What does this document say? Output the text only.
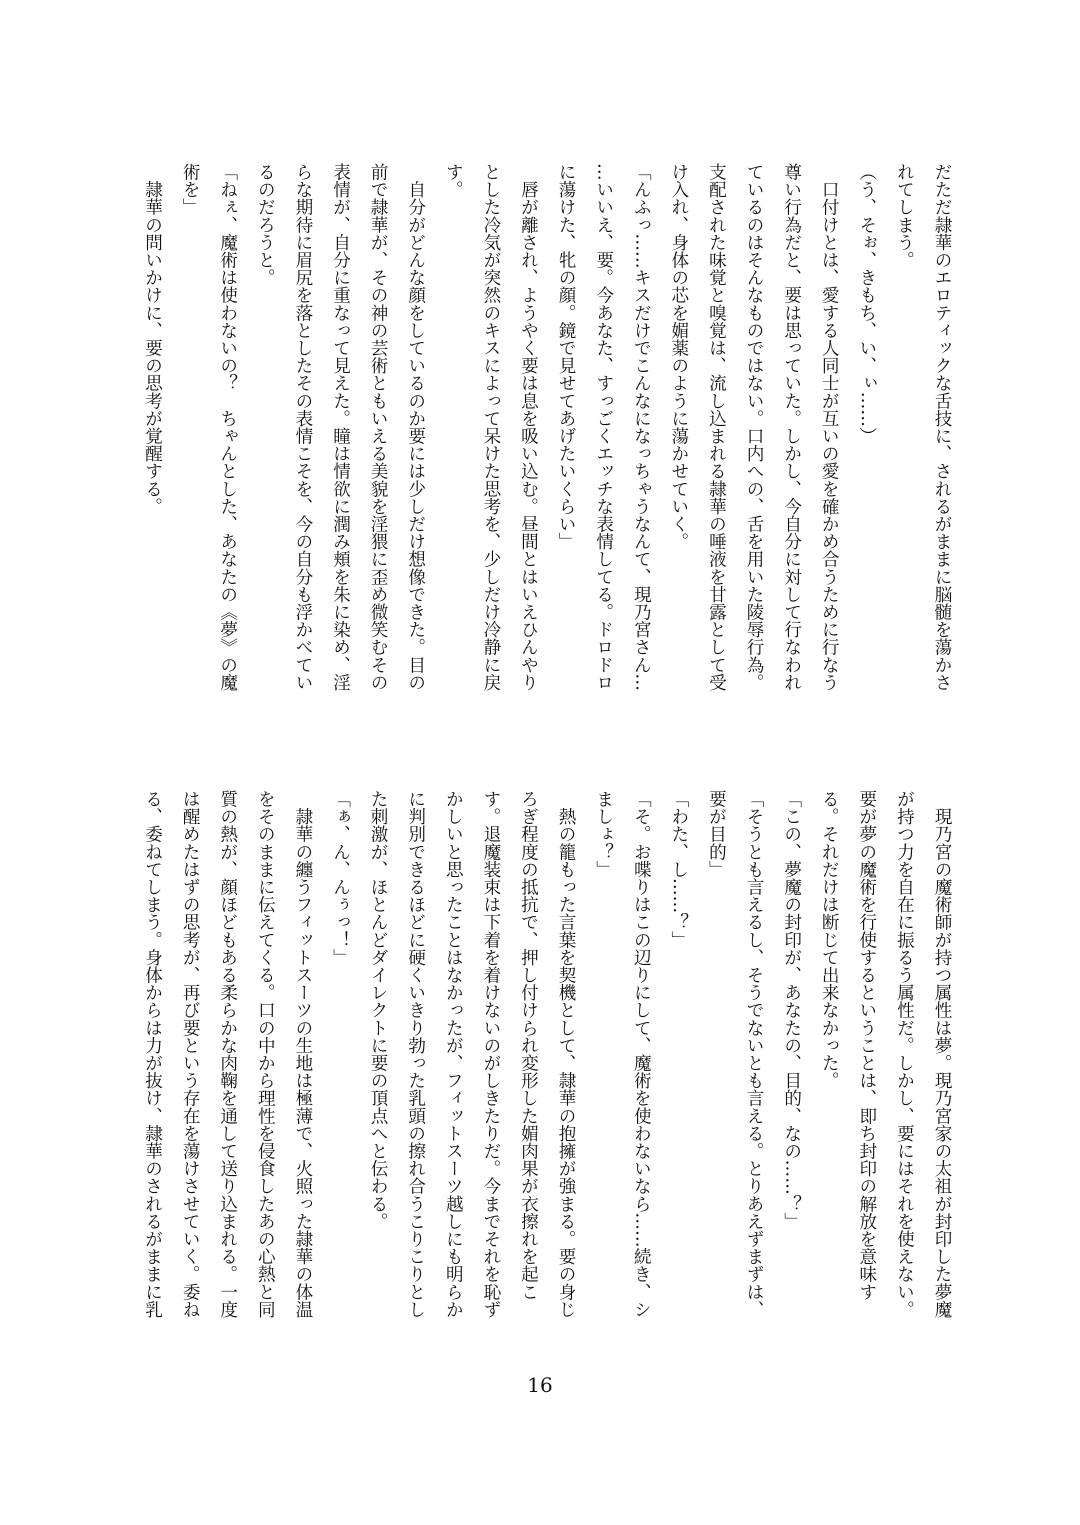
だただ隷華のエロティックな舌技に、されるがままに脳髄を蕩かさ
れてしまう。
（う、そぉ、きもち、い、ぃ……）
　口付けとは、愛する人同士が互いの愛を確かめ合うために行なう
尊い行為だと、要は思っていた。しかし、今自分に対して行なわれ
ているのはそんなものではない。口内への、舌を用いた陵辱行為。
支配された味覚と嗅覚は、流し込まれる隷華の唾液を甘露として受
け入れ、身体の芯を媚薬のように蕩かせていく。
「んふっ……キスだけでこんなになっちゃうなんて、現乃宮さん…
…いいえ、要。今あなた、すっごくエッチな表情してる。ドロドロ
に蕩けた、牝の顔。鏡で見せてあげたいくらい」
　唇が離され、ようやく要は息を吸い込む。昼間とはいえひんやり
とした冷気が突然のキスによって呆けた思考を、少しだけ冷静に戻
す。
　自分がどんな顔をしているのか要には少しだけ想像できた。目の
前で隷華が、その神の芸術ともいえる美貌を淫猥に歪め微笑むその
表情が、自分に重なって見えた。瞳は情欲に潤み頬を朱に染め、淫
らな期待に眉尻を落としたその表情こそを、今の自分も浮かべてい
るのだろうと。
「ねぇ、魔術は使わないの？　ちゃんとした、あなたの《夢》の魔
術を」
　隷華の問いかけに、要の思考が覚醒する。
　現乃宮の魔術師が持つ属性は夢。現乃宮家の太祖が封印した夢魔
が持つ力を自在に振るう属性だ。しかし、要にはそれを使えない。
要が夢の魔術を行使するということは、即ち封印の解放を意味す
る。それだけは断じて出来なかった。
「この、夢魔の封印が、あなたの、目的、なの……？」
「そうとも言えるし、そうでないとも言える。とりあえずまずは、
要が目的」
「わた、し……？」
「そ。お喋りはこの辺りにして、魔術を使わないなら……続き、シ
ましょ？」
　熱の籠もった言葉を契機として、隷華の抱擁が強まる。要の身じ
ろぎ程度の抵抗で、押し付けられ変形した媚肉果が衣擦れを起こ
す。退魔装束は下着を着けないのがしきたりだ。今までそれを恥ず
かしいと思ったことはなかったが、フィットスーツ越しにも明らか
に判別できるほどに硬くいきり勃った乳頭の擦れ合うこりこりとし
た刺激が、ほとんどダイレクトに要の頂点へと伝わる。
「ぁ、ん、んぅっ！」
　隷華の纏うフィットスーツの生地は極薄で、火照った隷華の体温
をそのままに伝えてくる。口の中から理性を侵食したあの心熱と同
質の熱が、顔ほどもある柔らかな肉鞠を通して送り込まれる。一度
は醒めたはずの思考が、再び要という存在を蕩けさせていく。委ね
る、委ねてしまう。身体からは力が抜け、隷華のされるがままに乳
16
